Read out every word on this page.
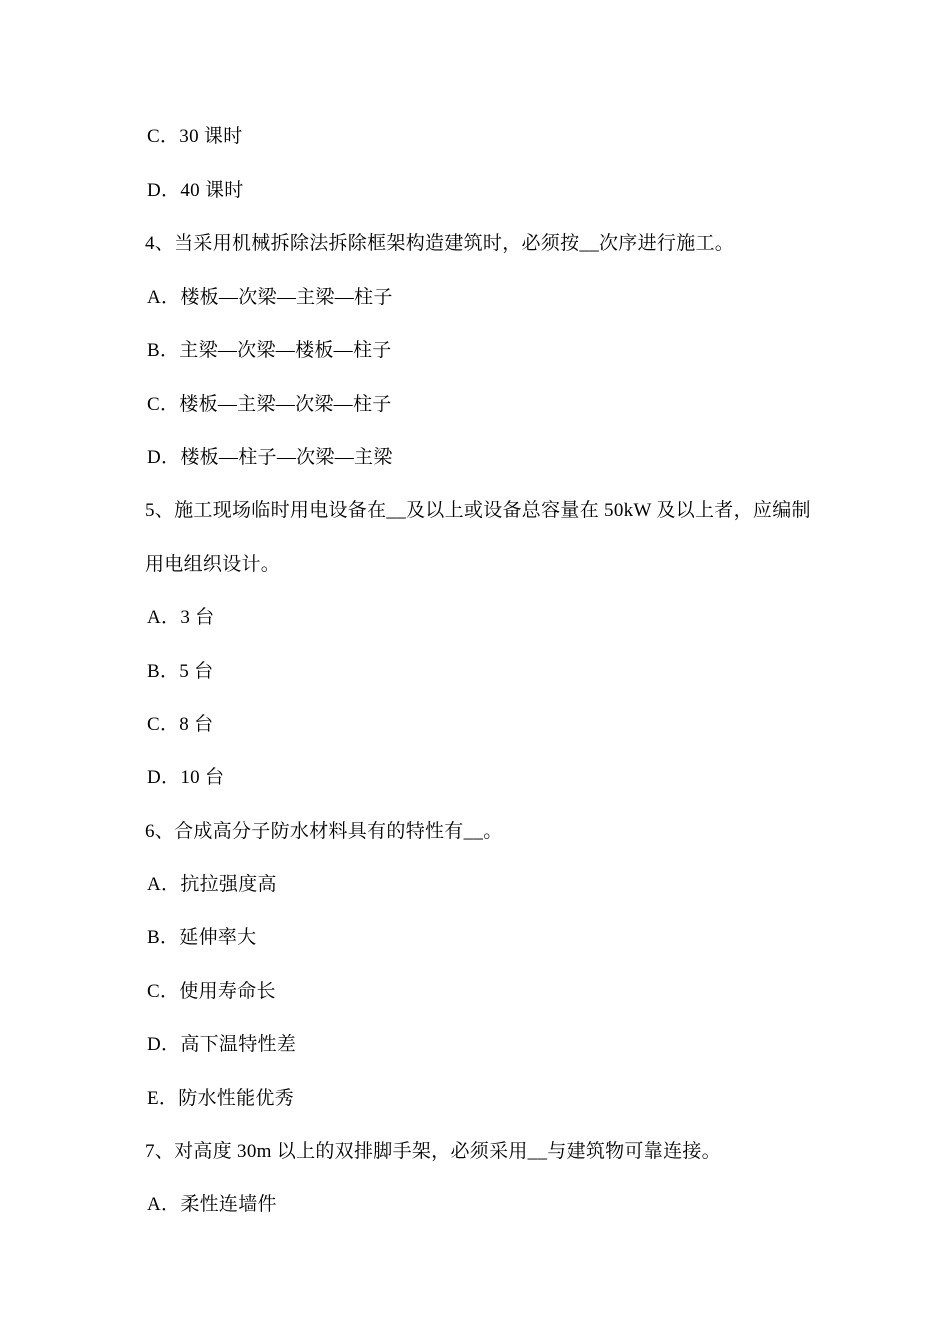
C．30 课时
D．40 课时
4、当采用机械拆除法拆除框架构造建筑时，必须按__次序进行施工。
A．楼板—次梁—主梁—柱子
B．主梁—次梁—楼板—柱子
C．楼板—主梁—次梁—柱子
D．楼板—柱子—次梁—主梁
5、施工现场临时用电设备在__及以上或设备总容量在 50kW 及以上者，应编制
用电组织设计。
A．3 台
B．5 台
C．8 台
D．10 台
6、合成高分子防水材料具有的特性有__。
A．抗拉强度高
B．延伸率大
C．使用寿命长
D．高下温特性差
E．防水性能优秀
7、对高度 30m 以上的双排脚手架，必须采用__与建筑物可靠连接。
A．柔性连墙件
